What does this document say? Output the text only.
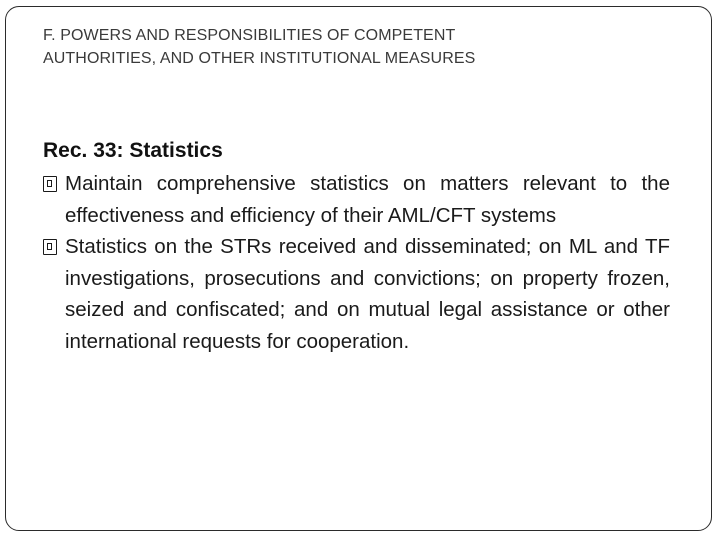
F. POWERS AND RESPONSIBILITIES OF COMPETENT
AUTHORITIES, AND OTHER INSTITUTIONAL MEASURES
Rec. 33: Statistics
Maintain comprehensive statistics on matters relevant to the effectiveness and efficiency of their AML/CFT systems
Statistics on the STRs received and disseminated; on ML and TF investigations, prosecutions and convictions; on property frozen, seized and confiscated; and on mutual legal assistance or other international requests for cooperation.
